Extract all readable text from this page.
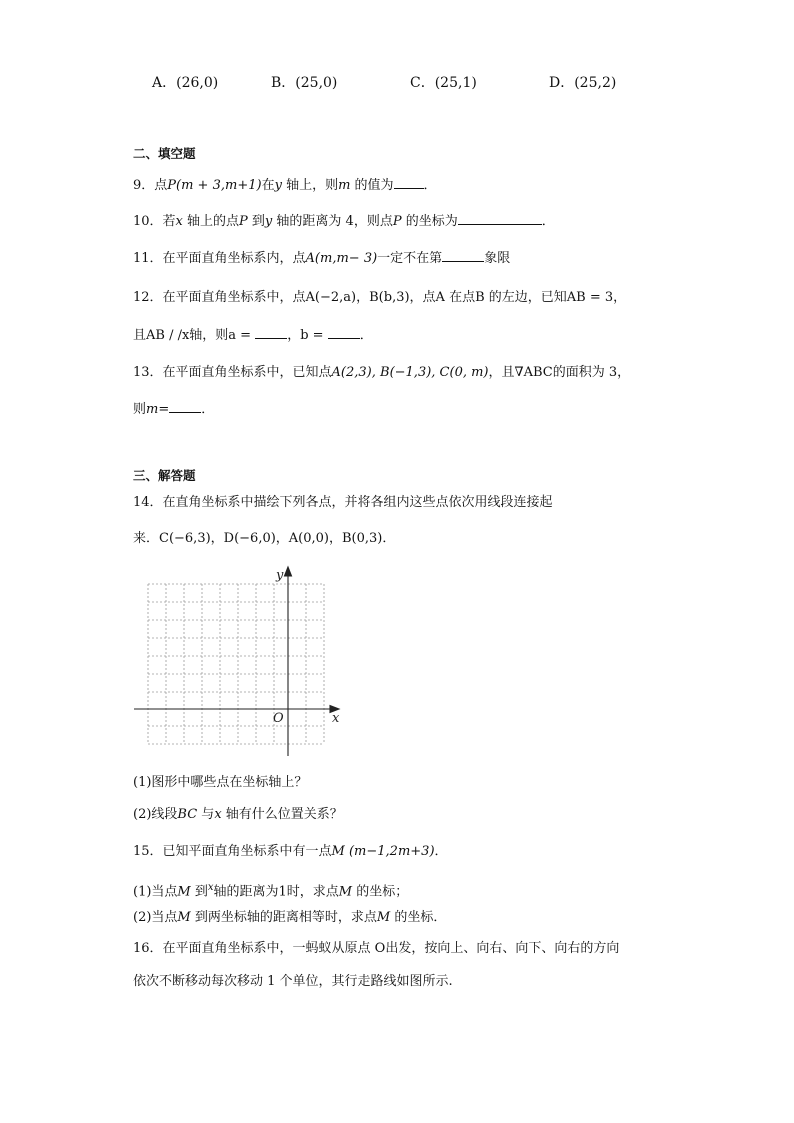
A．(26,0)	B．(25,0)	C．(25,1)	D．(25,2)
二、填空题
9．点P(m + 3,m+1)在y 轴上，则m 的值为 ．
10．若x 轴上的点P 到y 轴的距离为 4，则点P 的坐标为	．
11．在平面直角坐标系内，点A(m,m− 3)一定不在第	象限
12．在平面直角坐标系中，点A(−2,a)，B(b,3)，点A 在点B 的左边，已知AB = 3，
且AB / /x轴，则a = ，b = ．
13．在平面直角坐标系中，已知点A(2,3), B(−1,3), C(0, m)，且∇ABC的面积为 3，
则m= ．
三、解答题
14．在直角坐标系中描绘下列各点，并将各组内这些点依次用线段连接起
来．C(−6,3)，D(−6,0)，A(0,0)，B(0,3)．
y
x
O
(1)图形中哪些点在坐标轴上？
(2)线段BC 与x 轴有什么位置关系？
15．已知平面直角坐标系中有一点M (m−1,2m+3)．
(1)当点M 到$^x$轴的距离为1时，求点M 的坐标；
(2)当点M 到两坐标轴的距离相等时，求点M 的坐标．
16．在平面直角坐标系中，一蚂蚁从原点 O出发，按向上、向右、向下、向右的方向
依次不断移动每次移动 1 个单位，其行走路线如图所示.
